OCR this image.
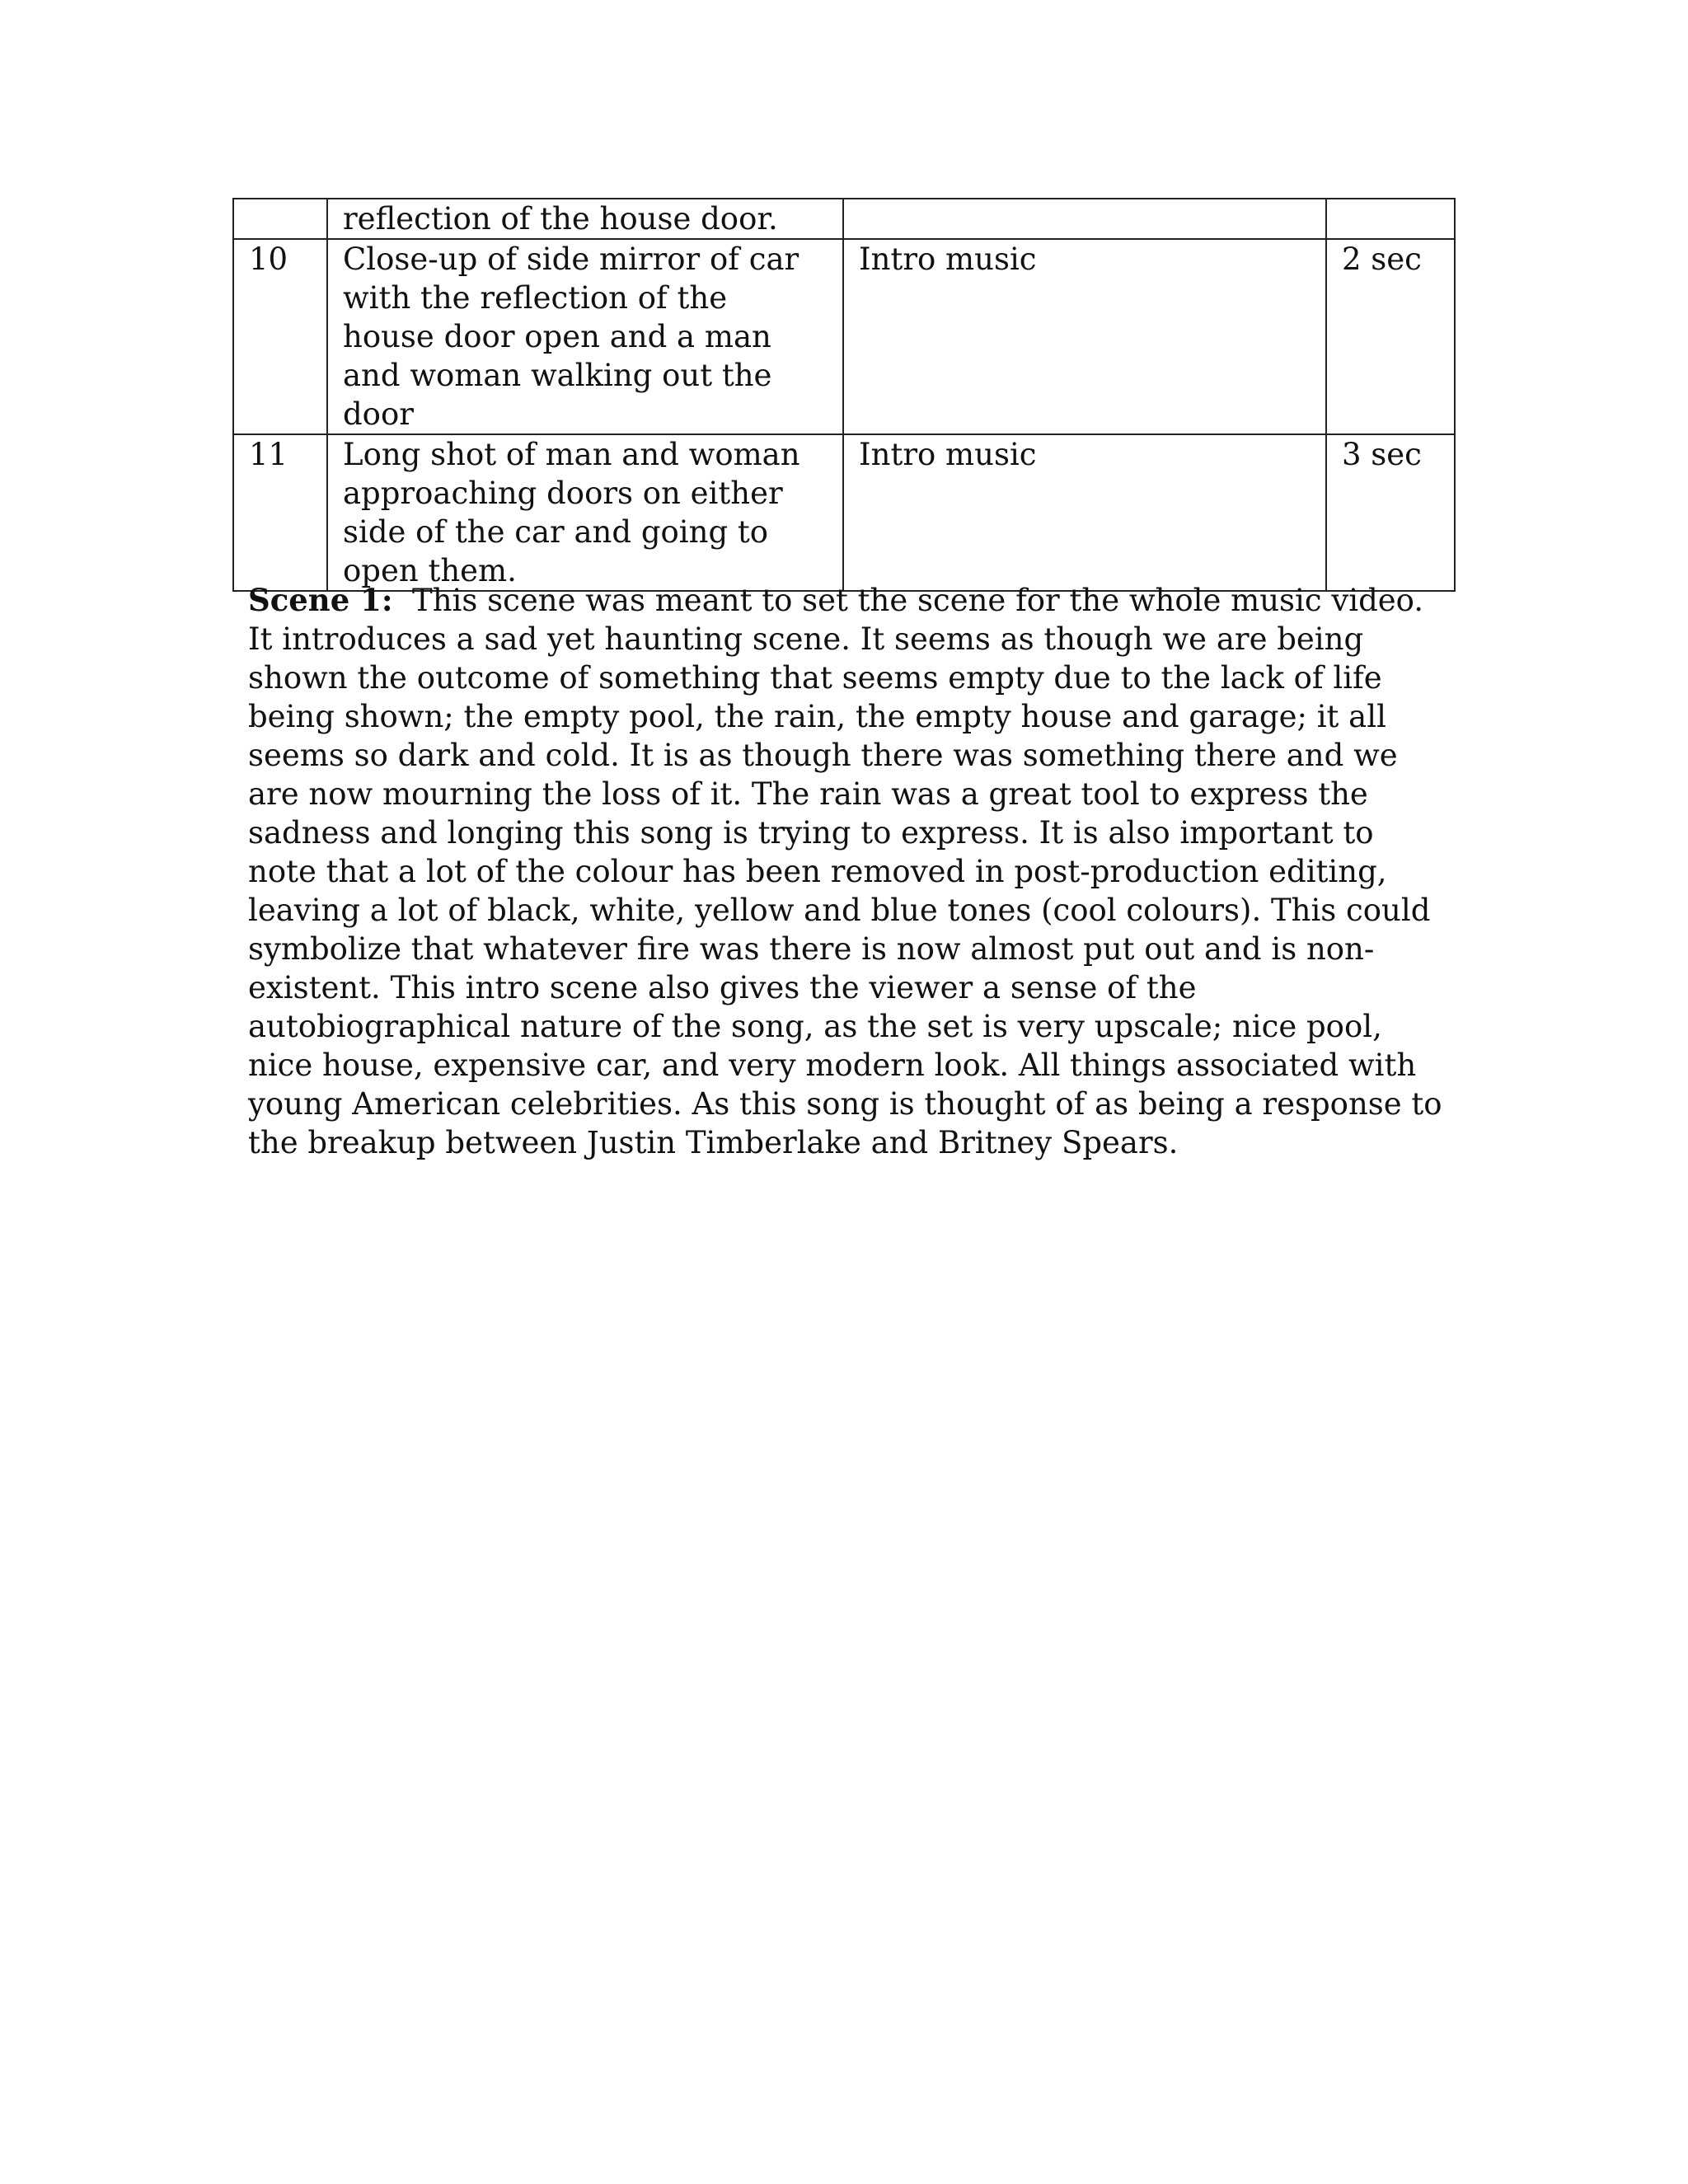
	reflection of the house door.		
10	Close-up of side mirror of car with the reflection of the house door open and a man and woman walking out the door	Intro music	2 sec
11	Long shot of man and woman approaching doors on either side of the car and going to open them.	Intro music	3 sec

Scene 1: This scene was meant to set the scene for the whole music video. It introduces a sad yet haunting scene. It seems as though we are being shown the outcome of something that seems empty due to the lack of life being shown; the empty pool, the rain, the empty house and garage; it all seems so dark and cold. It is as though there was something there and we are now mourning the loss of it. The rain was a great tool to express the sadness and longing this song is trying to express. It is also important to note that a lot of the colour has been removed in post-production editing, leaving a lot of black, white, yellow and blue tones (cool colours). This could symbolize that whatever fire was there is now almost put out and is non-existent. This intro scene also gives the viewer a sense of the autobiographical nature of the song, as the set is very upscale; nice pool, nice house, expensive car, and very modern look. All things associated with young American celebrities. As this song is thought of as being a response to the breakup between Justin Timberlake and Britney Spears.
